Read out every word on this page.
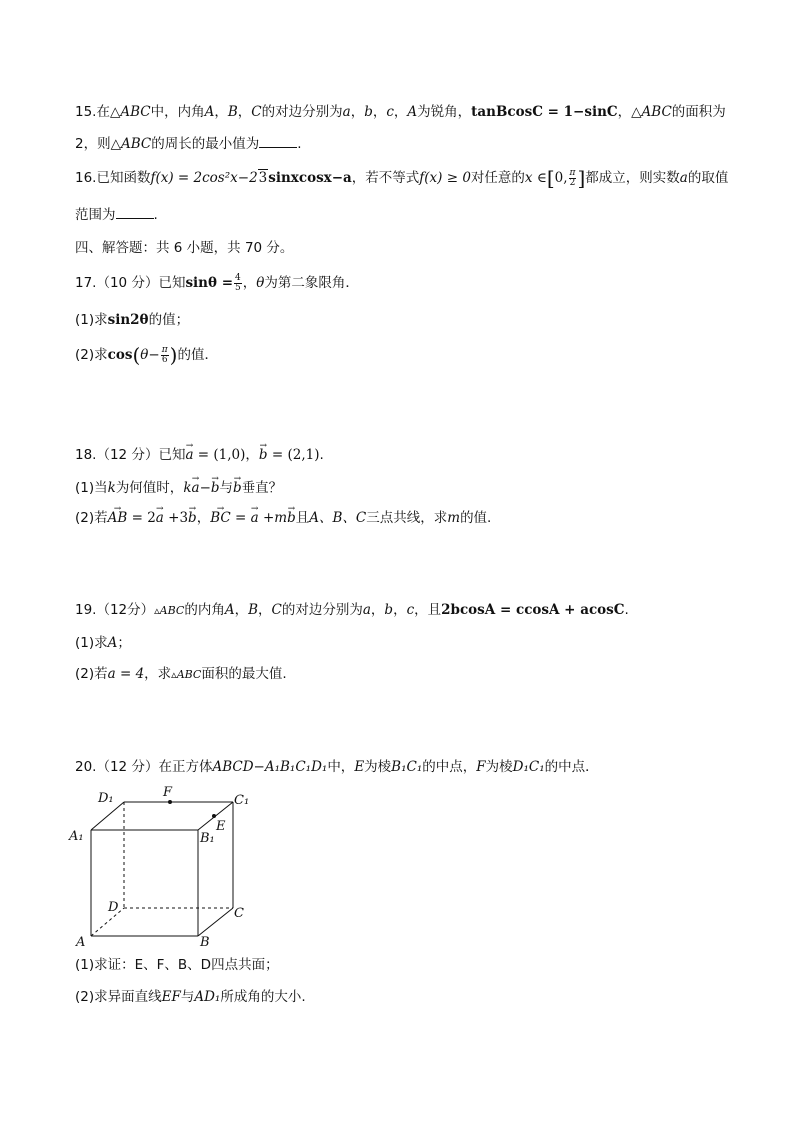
15.在△ABC中，内角A，B，C的对边分别为a，b，c，A为锐角，tanBcosC = 1−sinC，△ABC的面积为
2，则△ABC的周长的最小值为	.
16.已知函数f(x) = 2cos²x−23sinxcosx−a，若不等式f(x) ≥ 0对任意的x ∈[0, $\frac{\pi}{2}$ ]都成立，则实数a的取值
范围为	.
四、解答题：共 6 小题，共 70 分。
17.（10 分）已知$\sin\theta = \frac{4}{5}$ ，θ为第二象限角．
(1)求sin2θ的值；
(2)求$\cos(\theta- \frac{\pi}{6}$ )的值．
18.（12 分）已知→ a = (1,0)，→ b = (2,1).
(1)当k为何值时，k→ a−→ b与→ b垂直？
(2)若→ AB = 2→ a +3→ b，→ BC = → a +m→ b且A、B、C三点共线，求m的值.
19.（12分）▵ABC的内角A，B，C的对边分别为a，b，c，且2bcosA = ccosA + acosC.
(1)求A；
(2)若a = 4，求▵ABC面积的最大值.
20.（12 分）在正方体ABCD−A₁B₁C₁D₁中，E为棱B₁C₁的中点，F为棱D₁C₁的中点．
D₁	F
C₁
A₁	B₁
E
D	C
A	B
(1)求证：E、F、B、D四点共面；
(2)求异面直线EF与AD₁所成角的大小.
